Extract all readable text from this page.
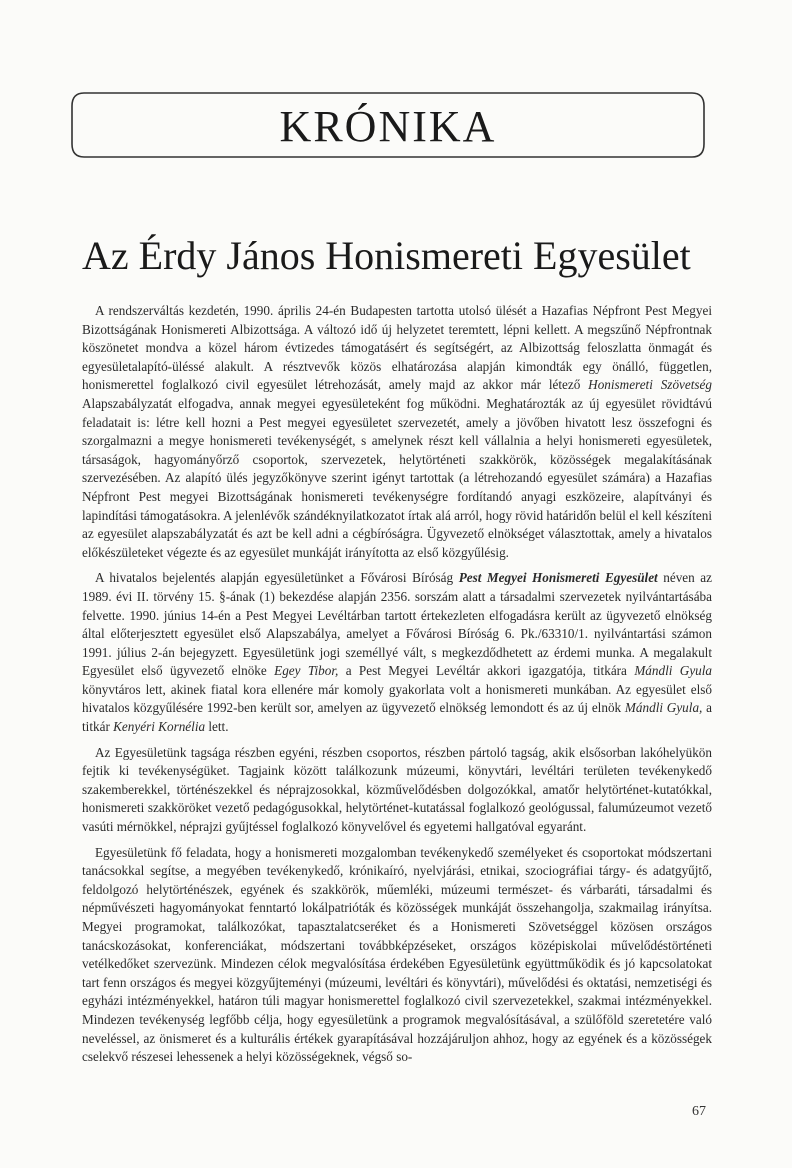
KRÓNIKA
Az Érdy János Honismereti Egyesület

A rendszerváltás kezdetén, 1990. április 24-én Budapesten tartotta utolsó ülését a Hazafias Népfront Pest Megyei Bizottságának Honismereti Albizottsága. A változó idő új helyzetet teremtett, lépni kellett. A megszűnő Népfrontnak köszönetet mondva a közel három évtizedes támogatásért és segítségért, az Albizottság feloszlatta önmagát és egyesületalapító-üléssé alakult. A résztvevők közös elhatározása alapján kimondták egy önálló, független, honismerettel foglalkozó civil egyesület létrehozását, amely majd az akkor már létező Honismereti Szövetség Alapszabályzatát elfogadva, annak megyei egyesületeként fog működni. Meghatározták az új egyesület rövidtávú feladatait is: létre kell hozni a Pest megyei egyesületet szervezetét, amely a jövőben hivatott lesz összefogni és szorgalmazni a megye honismereti tevékenységét, s amelynek részt kell vállalnia a helyi honismereti egyesületek, társaságok, hagyományőrző csoportok, szervezetek, helytörténeti szakkörök, közösségek megalakításának szervezésében. Az alapító ülés jegyzőkönyve szerint igényt tartottak (a létrehozandó egyesület számára) a Hazafias Népfront Pest megyei Bizottságának honismereti tevékenységre fordítandó anyagi eszközeire, alapítványi és lapindítási támogatásokra. A jelenlévők szándéknyilatkozatot írtak alá arról, hogy rövid határidőn belül el kell készíteni az egyesület alapszabályzatát és azt be kell adni a cégbíróságra. Ügyvezető elnökséget választottak, amely a hivatalos előkészületeket végezte és az egyesület munkáját irányította az első közgyűlésig.

A hivatalos bejelentés alapján egyesületünket a Fővárosi Bíróság Pest Megyei Honismereti Egyesület néven az 1989. évi II. törvény 15. §-ának (1) bekezdése alapján 2356. sorszám alatt a társadalmi szervezetek nyilvántartásába felvette. 1990. június 14-én a Pest Megyei Levéltárban tartott értekezleten elfogadásra került az ügyvezető elnökség által előterjesztett egyesület első Alapszabálya, amelyet a Fővárosi Bíróság 6. Pk./63310/1. nyilvántartási számon 1991. július 2-án bejegyzett. Egyesületünk jogi személlyé vált, s megkezdődhetett az érdemi munka. A megalakult Egyesület első ügyvezető elnöke Egey Tibor, a Pest Megyei Levéltár akkori igazgatója, titkára Mándli Gyula könyvtáros lett, akinek fiatal kora ellenére már komoly gyakorlata volt a honismereti munkában. Az egyesület első hivatalos közgyűlésére 1992-ben került sor, amelyen az ügyvezető elnökség lemondott és az új elnök Mándli Gyula, a titkár Kenyéri Kornélia lett.

Az Egyesületünk tagsága részben egyéni, részben csoportos, részben pártoló tagság, akik elsősorban lakóhelyükön fejtik ki tevékenységüket. Tagjaink között találkozunk múzeumi, könyvtári, levéltári területen tevékenykedő szakemberekkel, történészekkel és néprajzosokkal, közművelődésben dolgozókkal, amatőr helytörténet-kutatókkal, honismereti szakköröket vezető pedagógusokkal, helytörténet-kutatással foglalkozó geológussal, falumúzeumot vezető vasúti mérnökkel, néprajzi gyűjtéssel foglalkozó könyvelővel és egyetemi hallgatóval egyaránt.

Egyesületünk fő feladata, hogy a honismereti mozgalomban tevékenykedő személyeket és csoportokat módszertani tanácsokkal segítse, a megyében tevékenykedő, krónikaíró, nyelvjárási, etnikai, szociográfiai tárgy- és adatgyűjtő, feldolgozó helytörténészek, egyének és szakkörök, műemléki, múzeumi természet- és várbaráti, társadalmi és népművészeti hagyományokat fenntartó lokálpatrióták és közösségek munkáját összehangolja, szakmailag irányítsa. Megyei programokat, találkozókat, tapasztalatcseréket és a Honismereti Szövetséggel közösen országos tanácskozásokat, konferenciákat, módszertani továbbképzéseket, országos középiskolai művelődéstörténeti vetélkedőket szervezünk. Mindezen célok megvalósítása érdekében Egyesületünk együttműködik és jó kapcsolatokat tart fenn országos és megyei közgyűjteményi (múzeumi, levéltári és könyvtári), művelődési és oktatási, nemzetiségi és egyházi intézményekkel, határon túli magyar honismerettel foglalkozó civil szervezetekkel, szakmai intézményekkel. Mindezen tevékenység legfőbb célja, hogy egyesületünk a programok megvalósításával, a szülőföld szeretetére való neveléssel, az önismeret és a kulturális értékek gyarapításával hozzájáruljon ahhoz, hogy az egyének és a közösségek cselekvő részesei lehessenek a helyi közösségeknek, végső so-

67
